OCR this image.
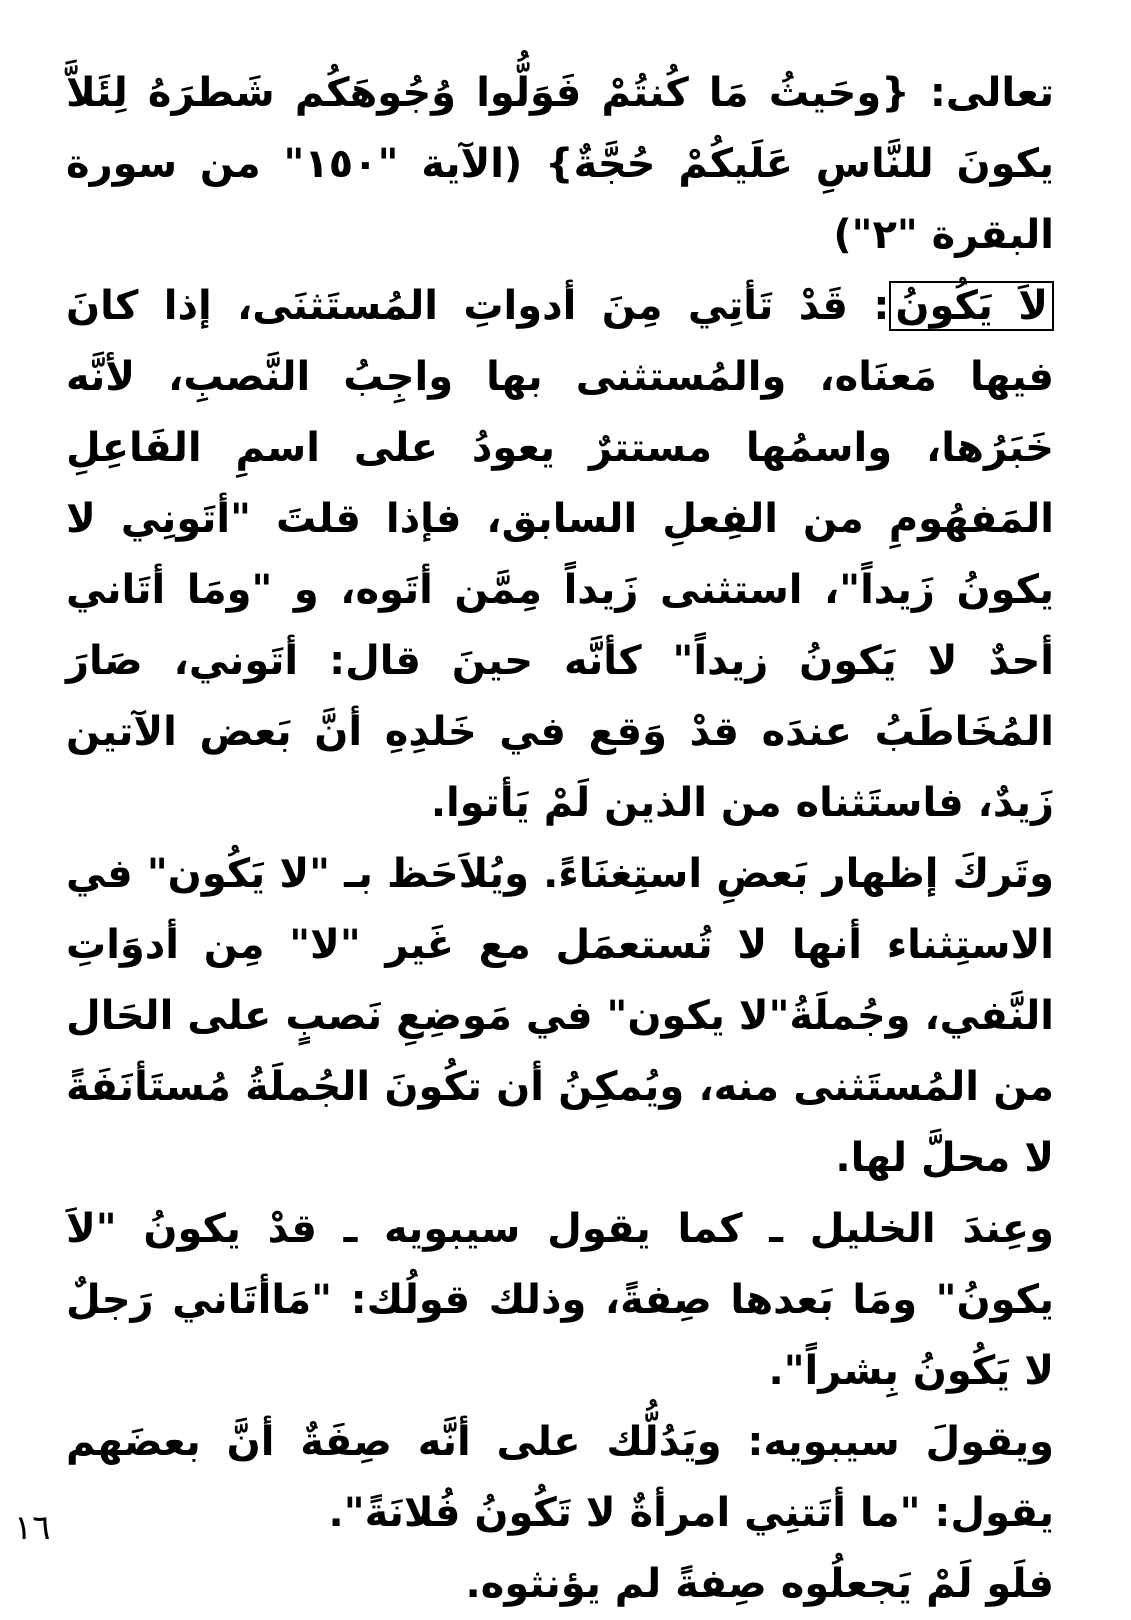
تعالى: {وحَيثُ مَا كُنتُمْ فَوَلُّوا وُجُوهَكُم شَطرَهُ لِئَلاَّ يكونَ للنَّاسِ عَلَيكُمْ حُجَّةٌ} (الآية "١٥٠" من سورة البقرة "٢")

لاَ يَكُونُ: قَدْ تَأتِي مِنَ أدواتِ المُستَثنَى، إذا كانَ فيها مَعنَاه، والمُستثنى بها واجِبُ النَّصبِ، لأنَّه خَبَرُها، واسمُها مستترٌ يعودُ على اسمِ الفَاعِلِ المَفهُومِ من الفِعلِ السابق، فإذا قلتَ "أتَونِي لا يكونُ زَيداً"، استثنى زَيداً مِمَّن أتَوه، و "ومَا أتَاني أحدٌ لا يَكونُ زيداً" كأنَّه حينَ قال: أتَوني، صَارَ المُخَاطَبُ عندَه قدْ وَقع في خَلدِهِ أنَّ بَعض الآتين زَيدٌ، فاستَثناه من الذين لَمْ يَأتوا.

وتَركَ إظهار بَعضِ استِغنَاءً. ويُلاَحَظ بـ "لا يَكُون" في الاستِثناء أنها لا تُستعمَل مع غَير "لا" مِن أدوَاتِ النَّفي، وجُملَةُ"لا يكون" في مَوضِعِ نَصبٍ على الحَال من المُستَثنى منه، ويُمكِنُ أن تكُونَ الجُملَةُ مُستَأنَفَةً لا محلَّ لها.

وعِندَ الخليل ـ كما يقول سيبويه ـ قدْ يكونُ "لاَ يكونُ" ومَا بَعدها صِفةً، وذلك قولُك: "مَاأتَاني رَجلٌ لا يَكُونُ بِشراً".

ويقولَ سيبويه: ويَدُلُّك على أنَّه صِفَةٌ أنَّ بعضَهم يقول: "ما أتَتنِي امرأةٌ لا تَكُونُ فُلانَةً".

فلَو لَمْ يَجعلُوه صِفةً لم يؤنثوه.

١٦
